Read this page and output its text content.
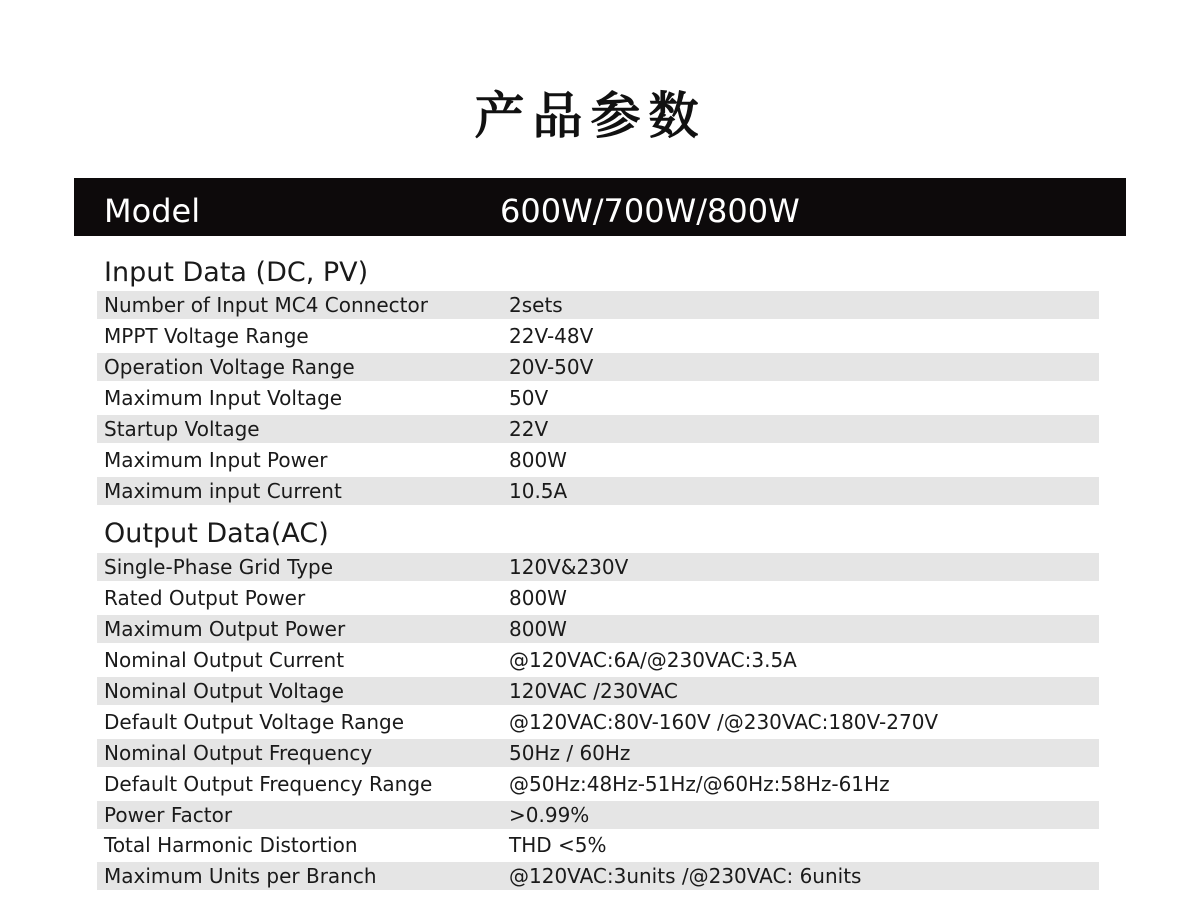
产品参数
Model	600W/700W/800W
Input Data (DC, PV)
Number of Input MC4 Connector	2sets
MPPT Voltage Range	22V-48V
Operation Voltage Range	20V-50V
Maximum Input Voltage	50V
Startup Voltage	22V
Maximum Input Power	800W
Maximum input Current	10.5A
Output Data(AC)
Single-Phase Grid Type	120V&230V
Rated Output Power	800W
Maximum Output Power	800W
Nominal Output Current	@120VAC:6A/@230VAC:3.5A
Nominal Output Voltage	120VAC /230VAC
Default Output Voltage Range	@120VAC:80V-160V /@230VAC:180V-270V
Nominal Output Frequency	50Hz / 60Hz
Default Output Frequency Range	@50Hz:48Hz-51Hz/@60Hz:58Hz-61Hz
Power Factor	>0.99%
Total Harmonic Distortion	THD <5%
Maximum Units per Branch	@120VAC:3units /@230VAC: 6units
